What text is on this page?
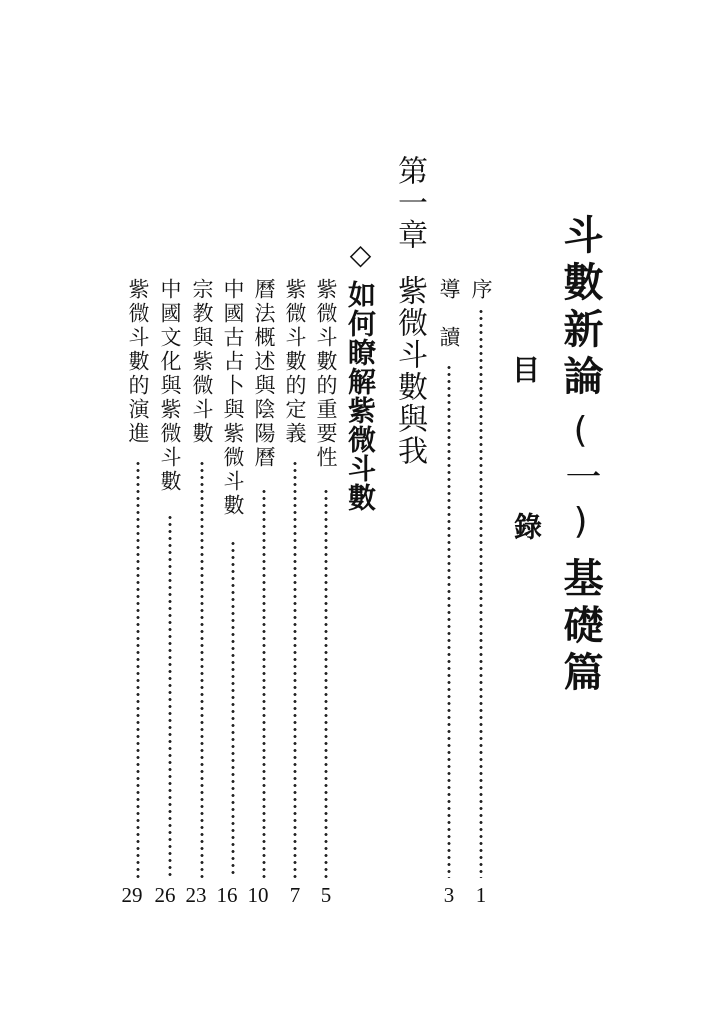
斗數新論(一)基礎篇
目
錄
序
1
導　讀
3
第一章
紫微斗數與我
◇如何瞭解紫微斗數
紫微斗數的重要性
5
紫微斗數的定義
7
曆法概述與陰陽曆
10
中國古占卜與紫微斗數
16
宗教與紫微斗數
23
中國文化與紫微斗數
26
紫微斗數的演進
29
